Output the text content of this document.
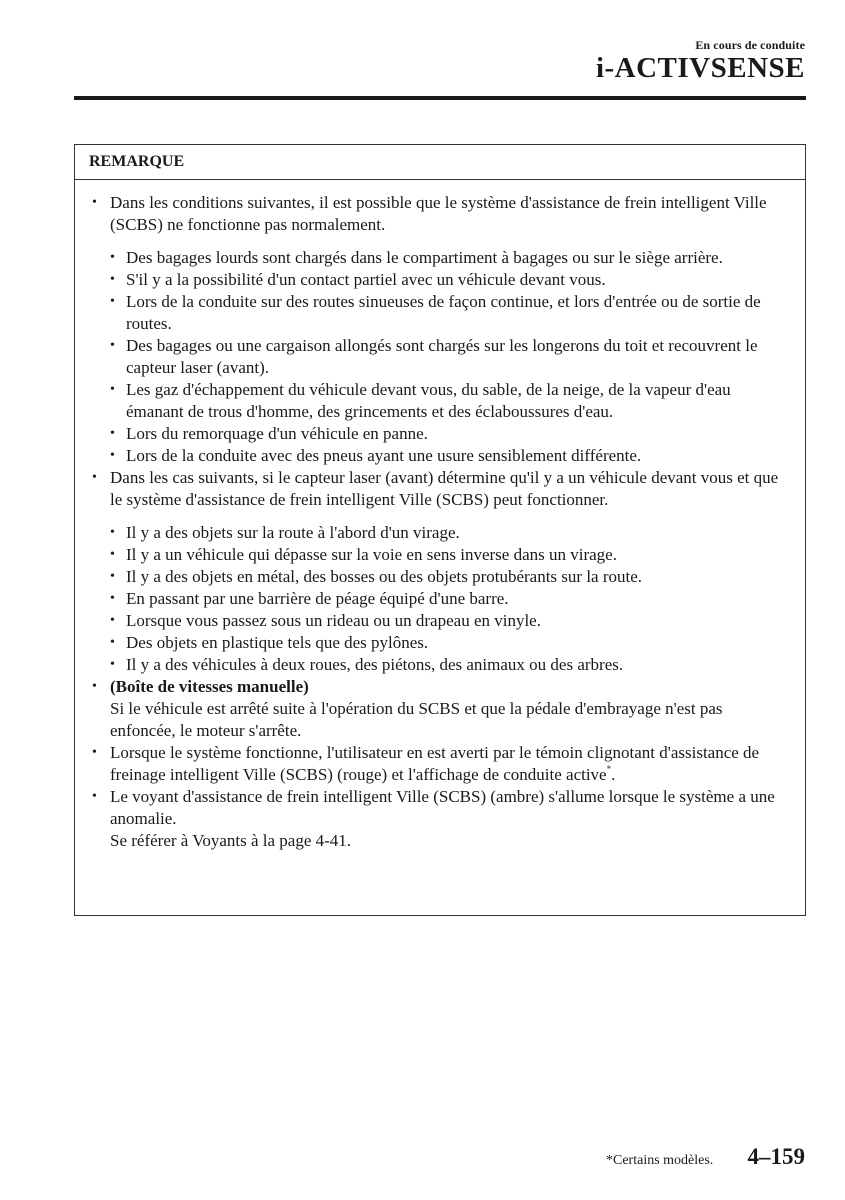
En cours de conduite
i-ACTIVSENSE
REMARQUE
• Dans les conditions suivantes, il est possible que le système d'assistance de frein intelligent Ville (SCBS) ne fonctionne pas normalement.
• Des bagages lourds sont chargés dans le compartiment à bagages ou sur le siège arrière.
• S'il y a la possibilité d'un contact partiel avec un véhicule devant vous.
• Lors de la conduite sur des routes sinueuses de façon continue, et lors d'entrée ou de sortie de routes.
• Des bagages ou une cargaison allongés sont chargés sur les longerons du toit et recouvrent le capteur laser (avant).
• Les gaz d'échappement du véhicule devant vous, du sable, de la neige, de la vapeur d'eau émanant de trous d'homme, des grincements et des éclaboussures d'eau.
• Lors du remorquage d'un véhicule en panne.
• Lors de la conduite avec des pneus ayant une usure sensiblement différente.
• Dans les cas suivants, si le capteur laser (avant) détermine qu'il y a un véhicule devant vous et que le système d'assistance de frein intelligent Ville (SCBS) peut fonctionner.
• Il y a des objets sur la route à l'abord d'un virage.
• Il y a un véhicule qui dépasse sur la voie en sens inverse dans un virage.
• Il y a des objets en métal, des bosses ou des objets protubérants sur la route.
• En passant par une barrière de péage équipé d'une barre.
• Lorsque vous passez sous un rideau ou un drapeau en vinyle.
• Des objets en plastique tels que des pylônes.
• Il y a des véhicules à deux roues, des piétons, des animaux ou des arbres.
• (Boîte de vitesses manuelle)
Si le véhicule est arrêté suite à l'opération du SCBS et que la pédale d'embrayage n'est pas enfoncée, le moteur s'arrête.
• Lorsque le système fonctionne, l'utilisateur en est averti par le témoin clignotant d'assistance de freinage intelligent Ville (SCBS) (rouge) et l'affichage de conduite active*.
• Le voyant d'assistance de frein intelligent Ville (SCBS) (ambre) s'allume lorsque le système a une anomalie.
Se référer à Voyants à la page 4-41.
*Certains modèles. 4–159
